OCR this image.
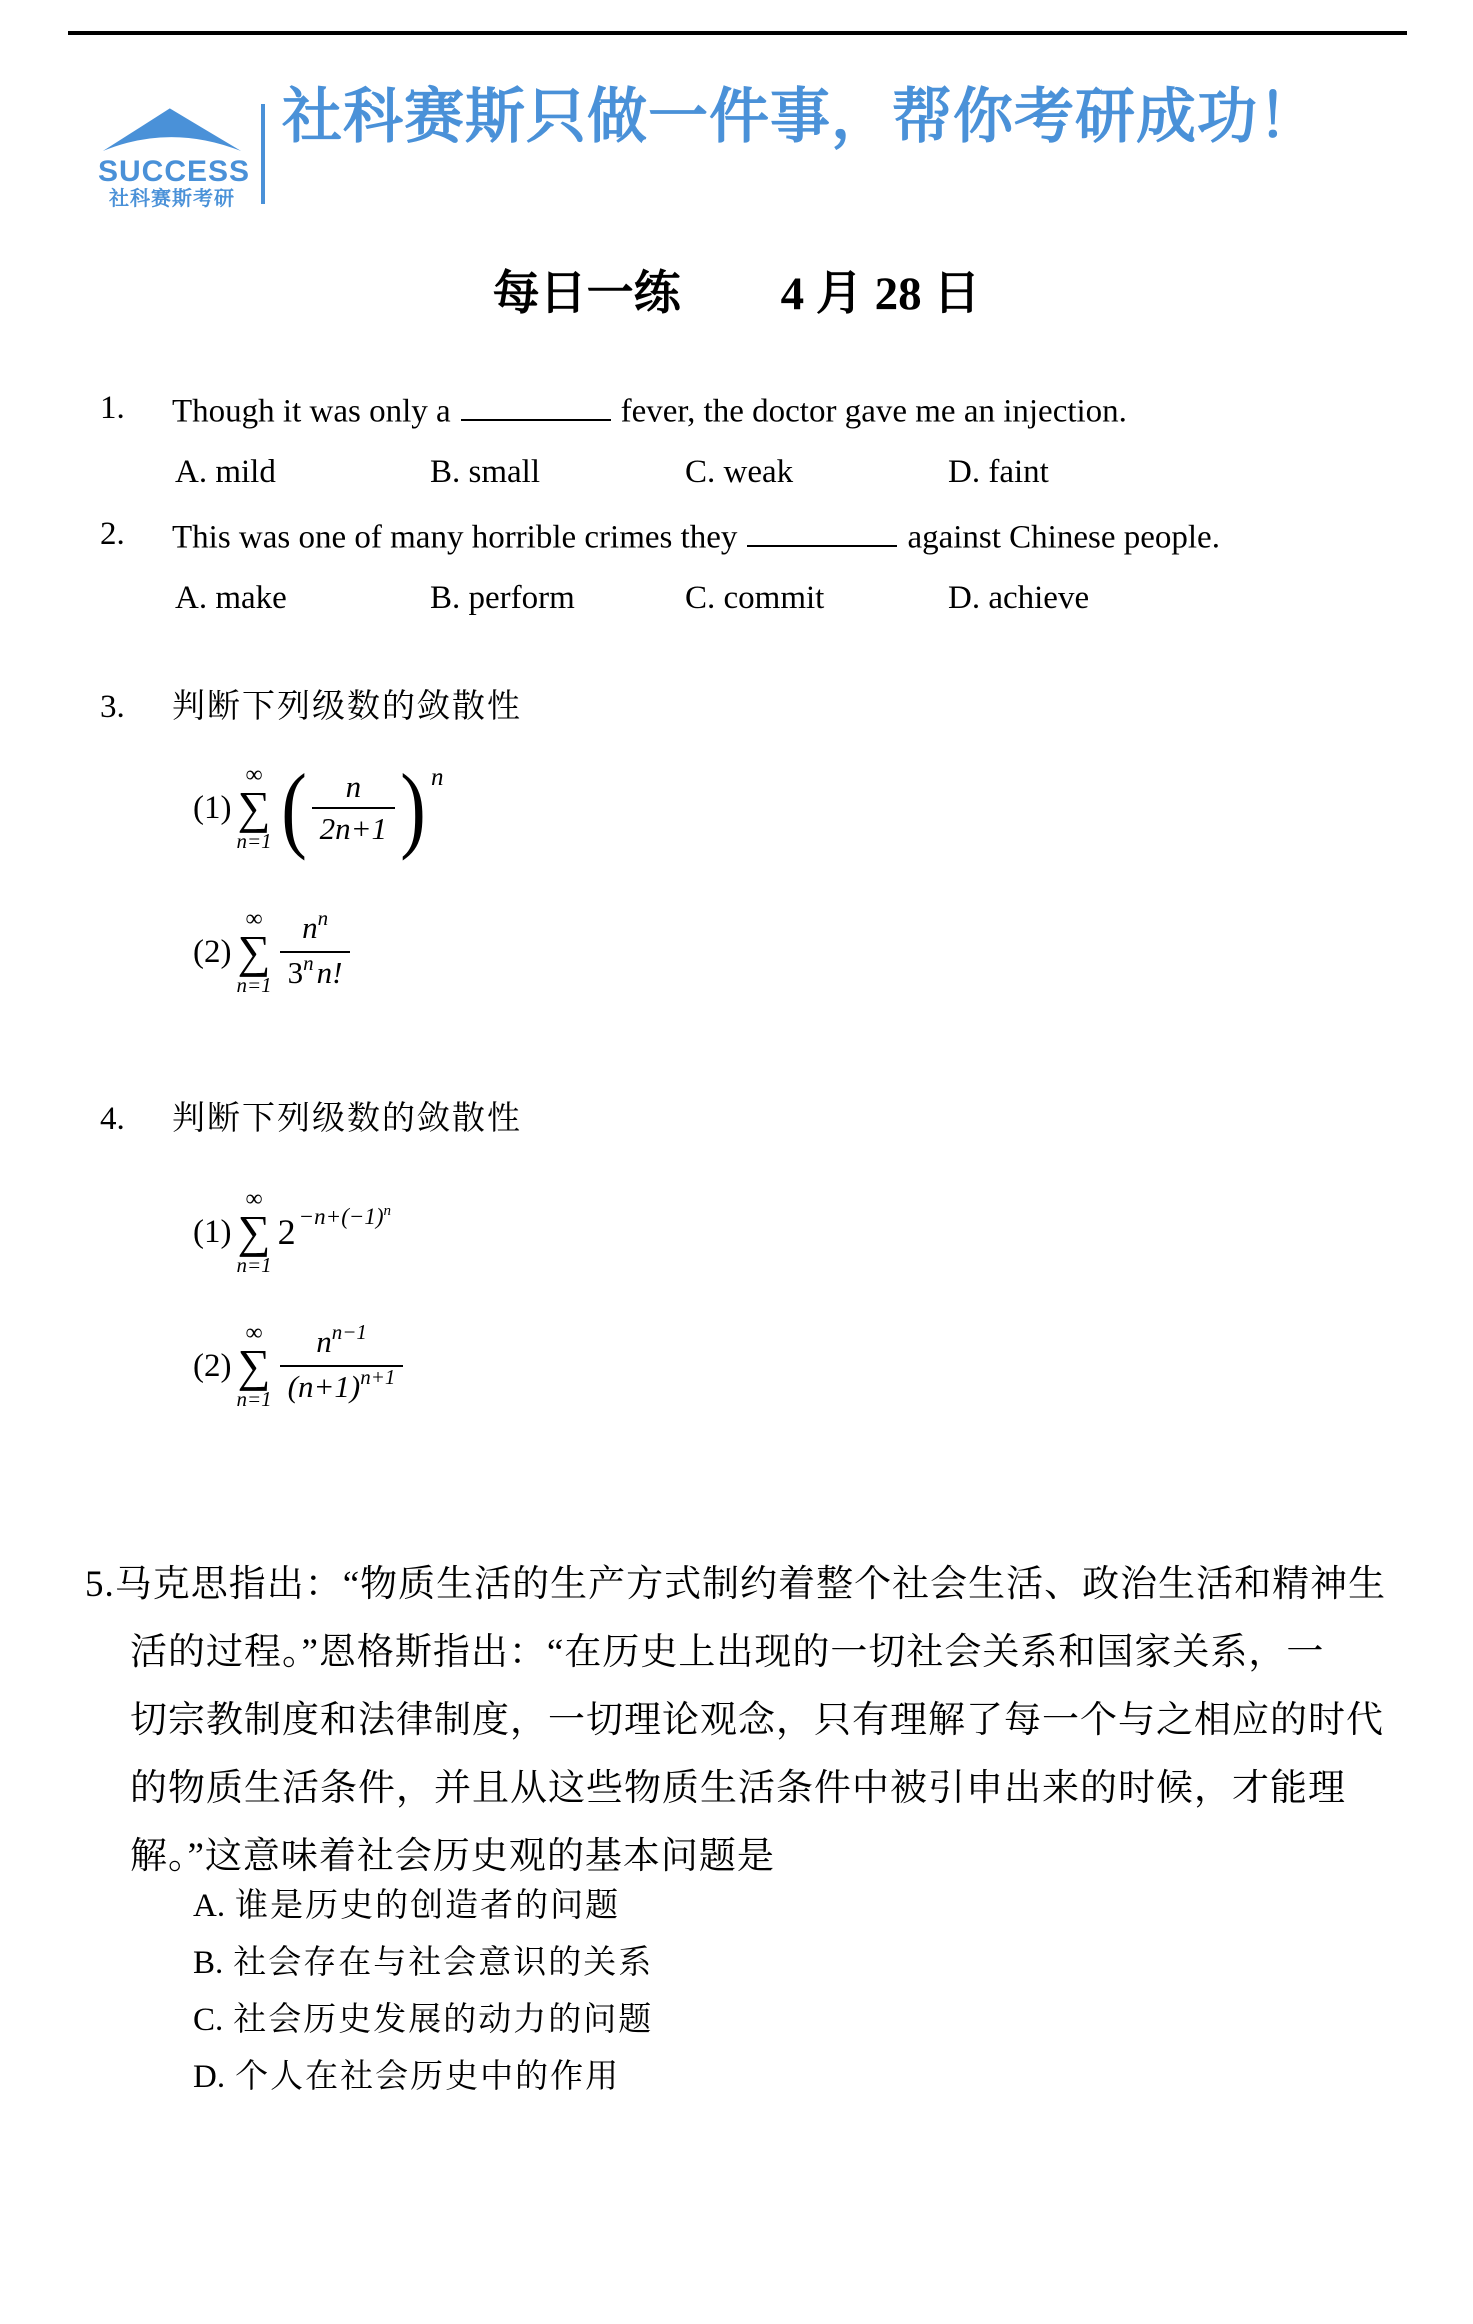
SUCCESS
社科赛斯考研
社科赛斯只做一件事，帮你考研成功！
每日一练 4 月 28 日
1.	Though it was only a	fever, the doctor gave me an injection.
A. mild	B. small	C. weak	D. faint
2.	This was one of many horrible crimes they	against Chinese people.
A. make	B. perform	C. commit	D. achieve
3.	判断下列级数的敛散性
(1)
∞
∑
n=1 ( $\frac{n}{2n+1}$ ) n
(2)
∞
∑
$n=1 \frac{n^n}{3^nn!}$
4.	判断下列级数的敛散性
(1)
∞
∑
n=1
$2 -n+(-1)^n$
(2)
∞
∑
$n=1 \frac{n^{n-1}}{(n+1)^{n+1}}$
5.马克思指出：“物质生活的生产方式制约着整个社会生活、政治生活和精神生
活的过程。”恩格斯指出：“在历史上出现的一切社会关系和国家关系，一
切宗教制度和法律制度，一切理论观念，只有理解了每一个与之相应的时代
的物质生活条件，并且从这些物质生活条件中被引申出来的时候，才能理
解。”这意味着社会历史观的基本问题是
A. 谁是历史的创造者的问题
B. 社会存在与社会意识的关系
C. 社会历史发展的动力的问题
D. 个人在社会历史中的作用
